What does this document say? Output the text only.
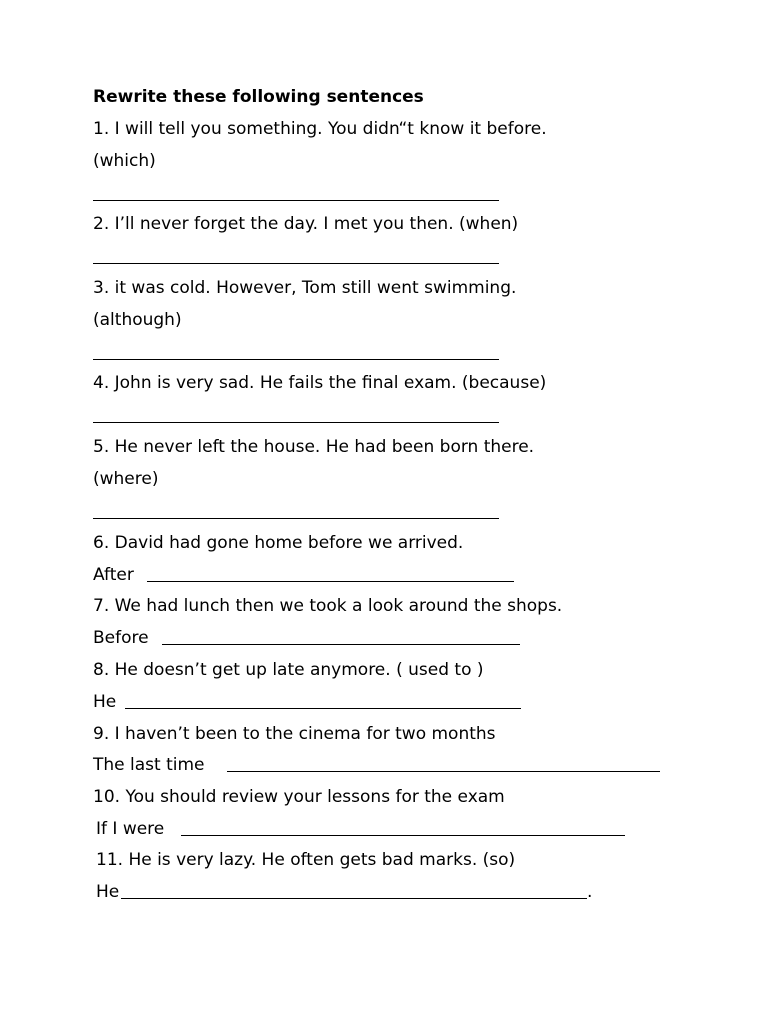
Rewrite these following sentences
1. I will tell you something. You didn“t know it before.
(which)
2. I’ll never forget the day. I met you then. (when)
3. it was cold. However, Tom still went swimming.
(although)
4. John is very sad. He fails the final exam. (because)
5. He never left the house. He had been born there.
(where)
6. David had gone home before we arrived.
After
7. We had lunch then we took a look around the shops.
Before
8. He doesn’t get up late anymore. ( used to )
He
9. I haven’t been to the cinema for two months
The last time
10. You should review your lessons for the exam
If I were
11. He is very lazy. He often gets bad marks. (so)
He	.
